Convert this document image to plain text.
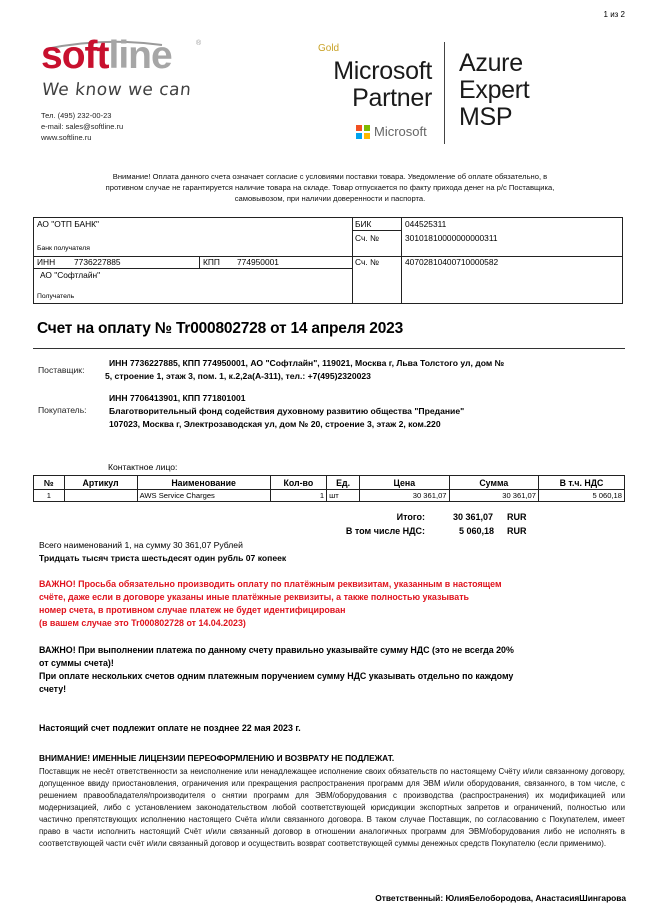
1 из 2
softline	®
We know we can
Тел. (495) 232-00-23
e-mail: sales@softline.ru
www.softline.ru
Gold
Microsoft
Partner
Microsoft
Azure
Expert
MSP
Внимание! Оплата данного счета означает согласие с условиями поставки товара. Уведомление об оплате обязательно, в противном случае не гарантируется наличие товара на складе. Товар отпускается по факту прихода денег на р/с Поставщика, самовывозом, при наличии доверенности и паспорта.
АО "ОТП БАНК"
Банк получателя
БИК	044525311
Сч. №	30101810000000000311
ИНН 7736227885	КПП 774950001	Сч. №	40702810400710000582
АО "Софтлайн"
Получатель
Счет на оплату № Tr000802728 от 14 апреля 2023
Поставщик:
ИНН 7736227885, КПП 774950001, АО "Софтлайн", 119021, Москва г, Льва Толстого ул, дом №
5, строение 1, этаж 3, пом. 1, к.2,2а(А-311), тел.: +7(495)2320023
Покупатель:
ИНН 7706413901, КПП 771801001
Благотворительный фонд содействия духовному развитию общества "Предание"
107023, Москва г, Электрозаводская ул, дом № 20, строение 3, этаж 2, ком.220
Контактное лицо:
№	Артикул	Наименование	Кол-во	Ед.	Цена	Сумма	В т.ч. НДС
1		AWS Service Charges	1	шт	30 361,07	30 361,07	5 060,18
Итого:	30 361,07 RUR
В том числе НДС:	5 060,18 RUR
Всего наименований 1, на сумму 30 361,07 Рублей
Тридцать тысяч триста шестьдесят один рубль 07 копеек
ВАЖНО! Просьба обязательно производить оплату по платёжным реквизитам, указанным в настоящем
счёте, даже если в договоре указаны иные платёжные реквизиты, а также полностью указывать
номер счета, в противном случае платеж не будет идентифицирован
(в вашем случае это Tr000802728 от 14.04.2023)
ВАЖНО! При выполнении платежа по данному счету правильно указывайте сумму НДС (это не всегда 20%
от суммы счета)!
При оплате нескольких счетов одним платежным поручением сумму НДС указывать отдельно по каждому
счету!
Настоящий счет подлежит оплате не позднее 22 мая 2023 г.
ВНИМАНИЕ! ИМЕННЫЕ ЛИЦЕНЗИИ ПЕРЕОФОРМЛЕНИЮ И ВОЗВРАТУ НЕ ПОДЛЕЖАТ.
Поставщик не несёт ответственности за неисполнение или ненадлежащее исполнение своих обязательств по настоящему Счёту и/или связанному договору, допущенное ввиду приостановления, ограничения или прекращения распространения программ для ЭВМ и/или оборудования, связанного, в том числе, с решением правообладателя/производителя о снятии программ для ЭВМ/оборудования с производства (распространения) их модификацией или модернизацией, либо с установлением законодательством любой соответствующей юрисдикции экспортных запретов и ограничений, полностью или частично препятствующих исполнению настоящего Счёта и/или связанного договора. В таком случае Поставщик, по согласованию с Покупателем, имеет право в части исполнить настоящий Счёт и/или связанный договор в отношении аналогичных программ для ЭВМ/оборудования либо не исполнять в соответствующей части счёт и/или связанный договор и осуществить возврат соответствующей суммы денежных средств Покупателю (если применимо).
Ответственный: ЮлияБелобородова, АнастасияШингарова
